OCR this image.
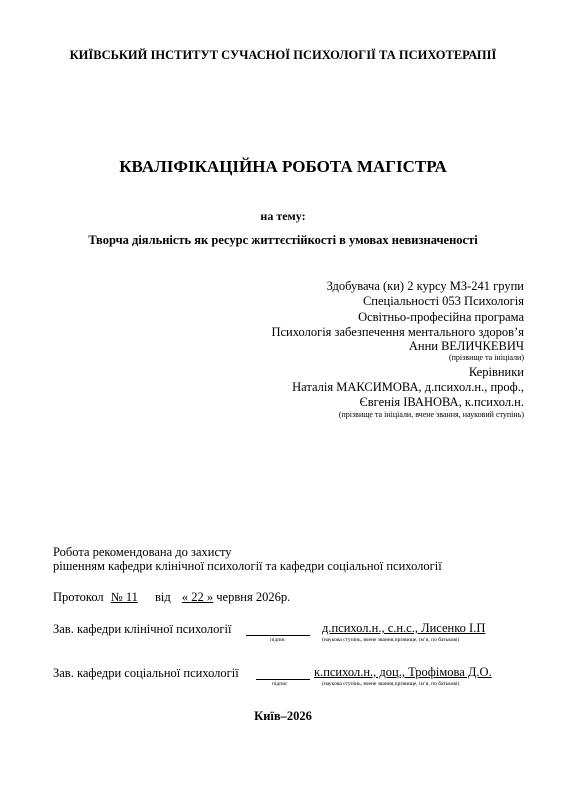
КИЇВСЬКИЙ ІНСТИТУТ СУЧАСНОЇ ПСИХОЛОГІЇ ТА ПСИХОТЕРАПІЇ
КВАЛІФІКАЦІЙНА РОБОТА МАГІСТРА
на тему:
Творча діяльність як ресурс життєстійкості в умовах невизначеності
Здобувача (ки) 2 курсу МЗ-241 групи
Спеціальності 053 Психологія
Освітньо-професійна програма
Психологія забезпечення ментального здоров’я
Анни ВЕЛИЧКЕВИЧ
(прізвище та ініціали)
Керівники
Наталія МАКСИМОВА, д.психол.н., проф.,
Євгенія ІВАНОВА, к.психол.н.
(прізвище та ініціали, вчене звання, науковий ступінь)
Робота рекомендована до захисту
рішенням кафедри клінічної психології та кафедри соціальної психології
Протокол № 11 від « 22 » червня 2026р.
Зав. кафедри клінічної психології	д.психол.н., с.н.с., Лисенко І.П
підпис	(наукова ступінь, вчене звання,прізвище, ім’я, по батькові)
Зав. кафедри соціальної психології	к.психол.н., доц., Трофімова Д.О.
підпис	(наукова ступінь, вчене звання,прізвище, ім’я, по батькові)
Київ–2026
